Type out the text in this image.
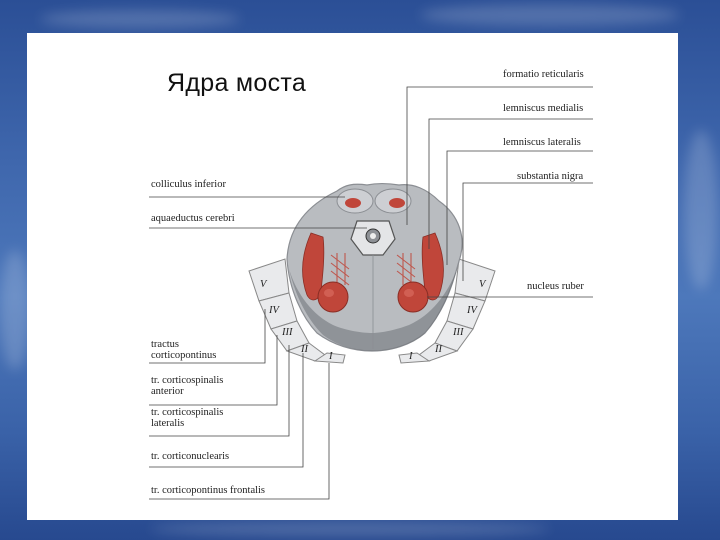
Ядра моста
V
IV
III
II
I
V
IV
III
II
I
formatio reticularis
lemniscus medialis
lemniscus lateralis
substantia nigra
nucleus ruber
colliculus inferior
aquaeductus cerebri
tractus
corticopontinus
tr. corticospinalis
anterior
tr. corticospinalis
lateralis
tr. corticonuclearis
tr. corticopontinus frontalis
